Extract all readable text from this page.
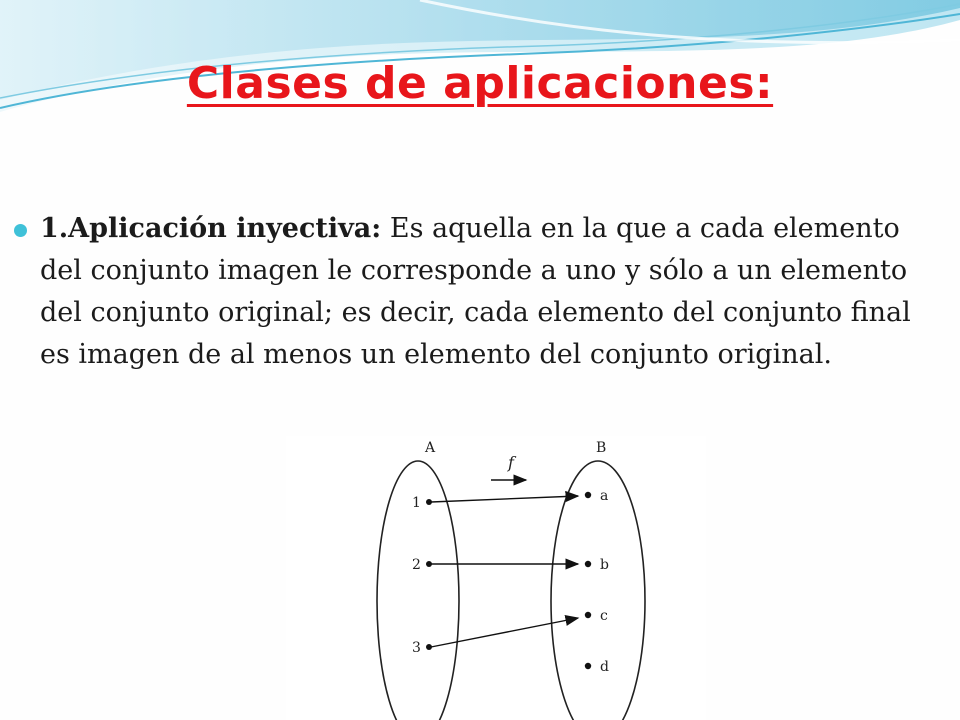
Clases de aplicaciones:
1.Aplicación inyectiva: Es aquella en la que a cada elemento del conjunto imagen le corresponde a uno y sólo a un elemento del conjunto original; es decir, cada elemento del conjunto final es imagen de al menos un elemento del conjunto original.
A	B
f
1
2
3
a
b
c
d
